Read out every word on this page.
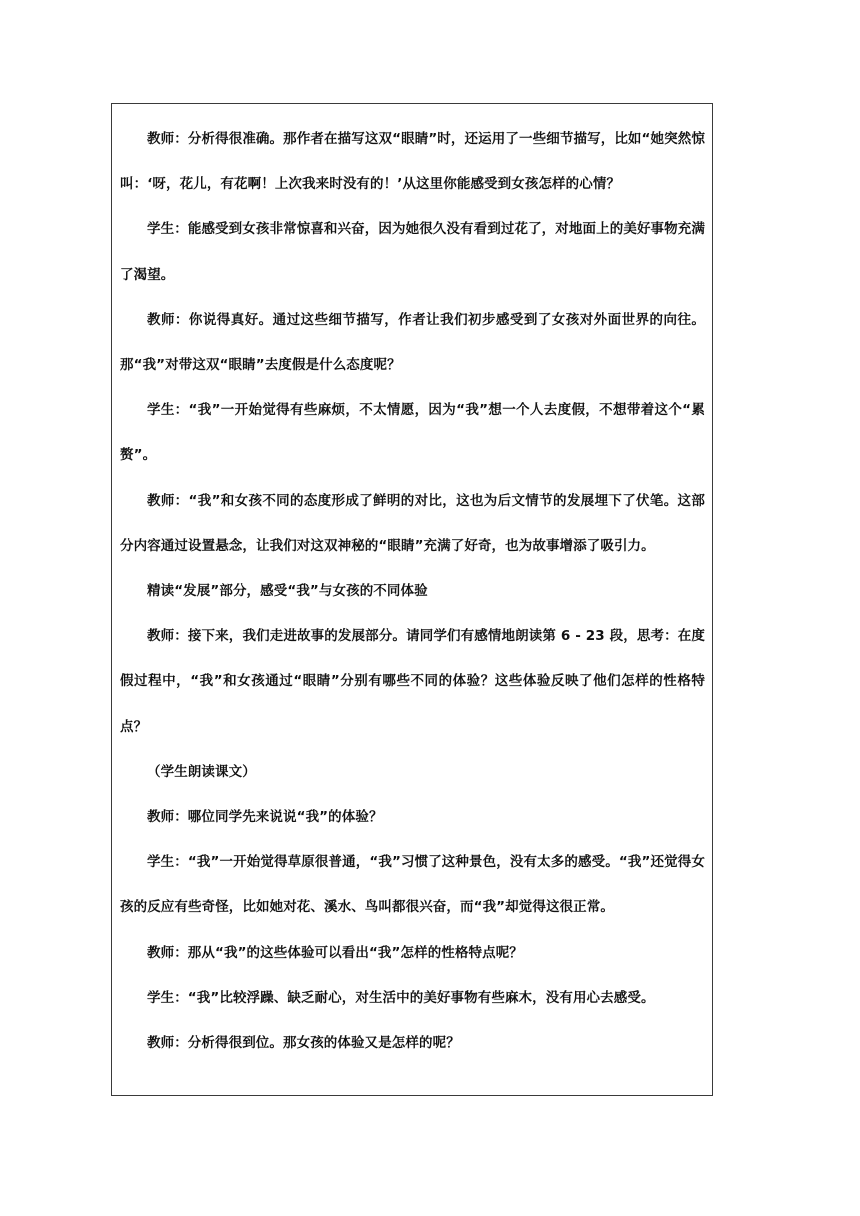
教师：分析得很准确。那作者在描写这双“眼睛”时，还运用了一些细节描写，比如“她突然惊叫：‘呀，花儿，有花啊！上次我来时没有的！’从这里你能感受到女孩怎样的心情？

学生：能感受到女孩非常惊喜和兴奋，因为她很久没有看到过花了，对地面上的美好事物充满了渴望。

教师：你说得真好。通过这些细节描写，作者让我们初步感受到了女孩对外面世界的向往。那“我”对带这双“眼睛”去度假是什么态度呢？

学生：“我”一开始觉得有些麻烦，不太情愿，因为“我”想一个人去度假，不想带着这个“累赘”。

教师：“我”和女孩不同的态度形成了鲜明的对比，这也为后文情节的发展埋下了伏笔。这部分内容通过设置悬念，让我们对这双神秘的“眼睛”充满了好奇，也为故事增添了吸引力。

精读“发展”部分，感受“我”与女孩的不同体验

教师：接下来，我们走进故事的发展部分。请同学们有感情地朗读第 6 - 23 段，思考：在度假过程中，“我”和女孩通过“眼睛”分别有哪些不同的体验？这些体验反映了他们怎样的性格特点？

（学生朗读课文）

教师：哪位同学先来说说“我”的体验？

学生：“我”一开始觉得草原很普通，“我”习惯了这种景色，没有太多的感受。“我”还觉得女孩的反应有些奇怪，比如她对花、溪水、鸟叫都很兴奋，而“我”却觉得这很正常。

教师：那从“我”的这些体验可以看出“我”怎样的性格特点呢？

学生：“我”比较浮躁、缺乏耐心，对生活中的美好事物有些麻木，没有用心去感受。

教师：分析得很到位。那女孩的体验又是怎样的呢？
